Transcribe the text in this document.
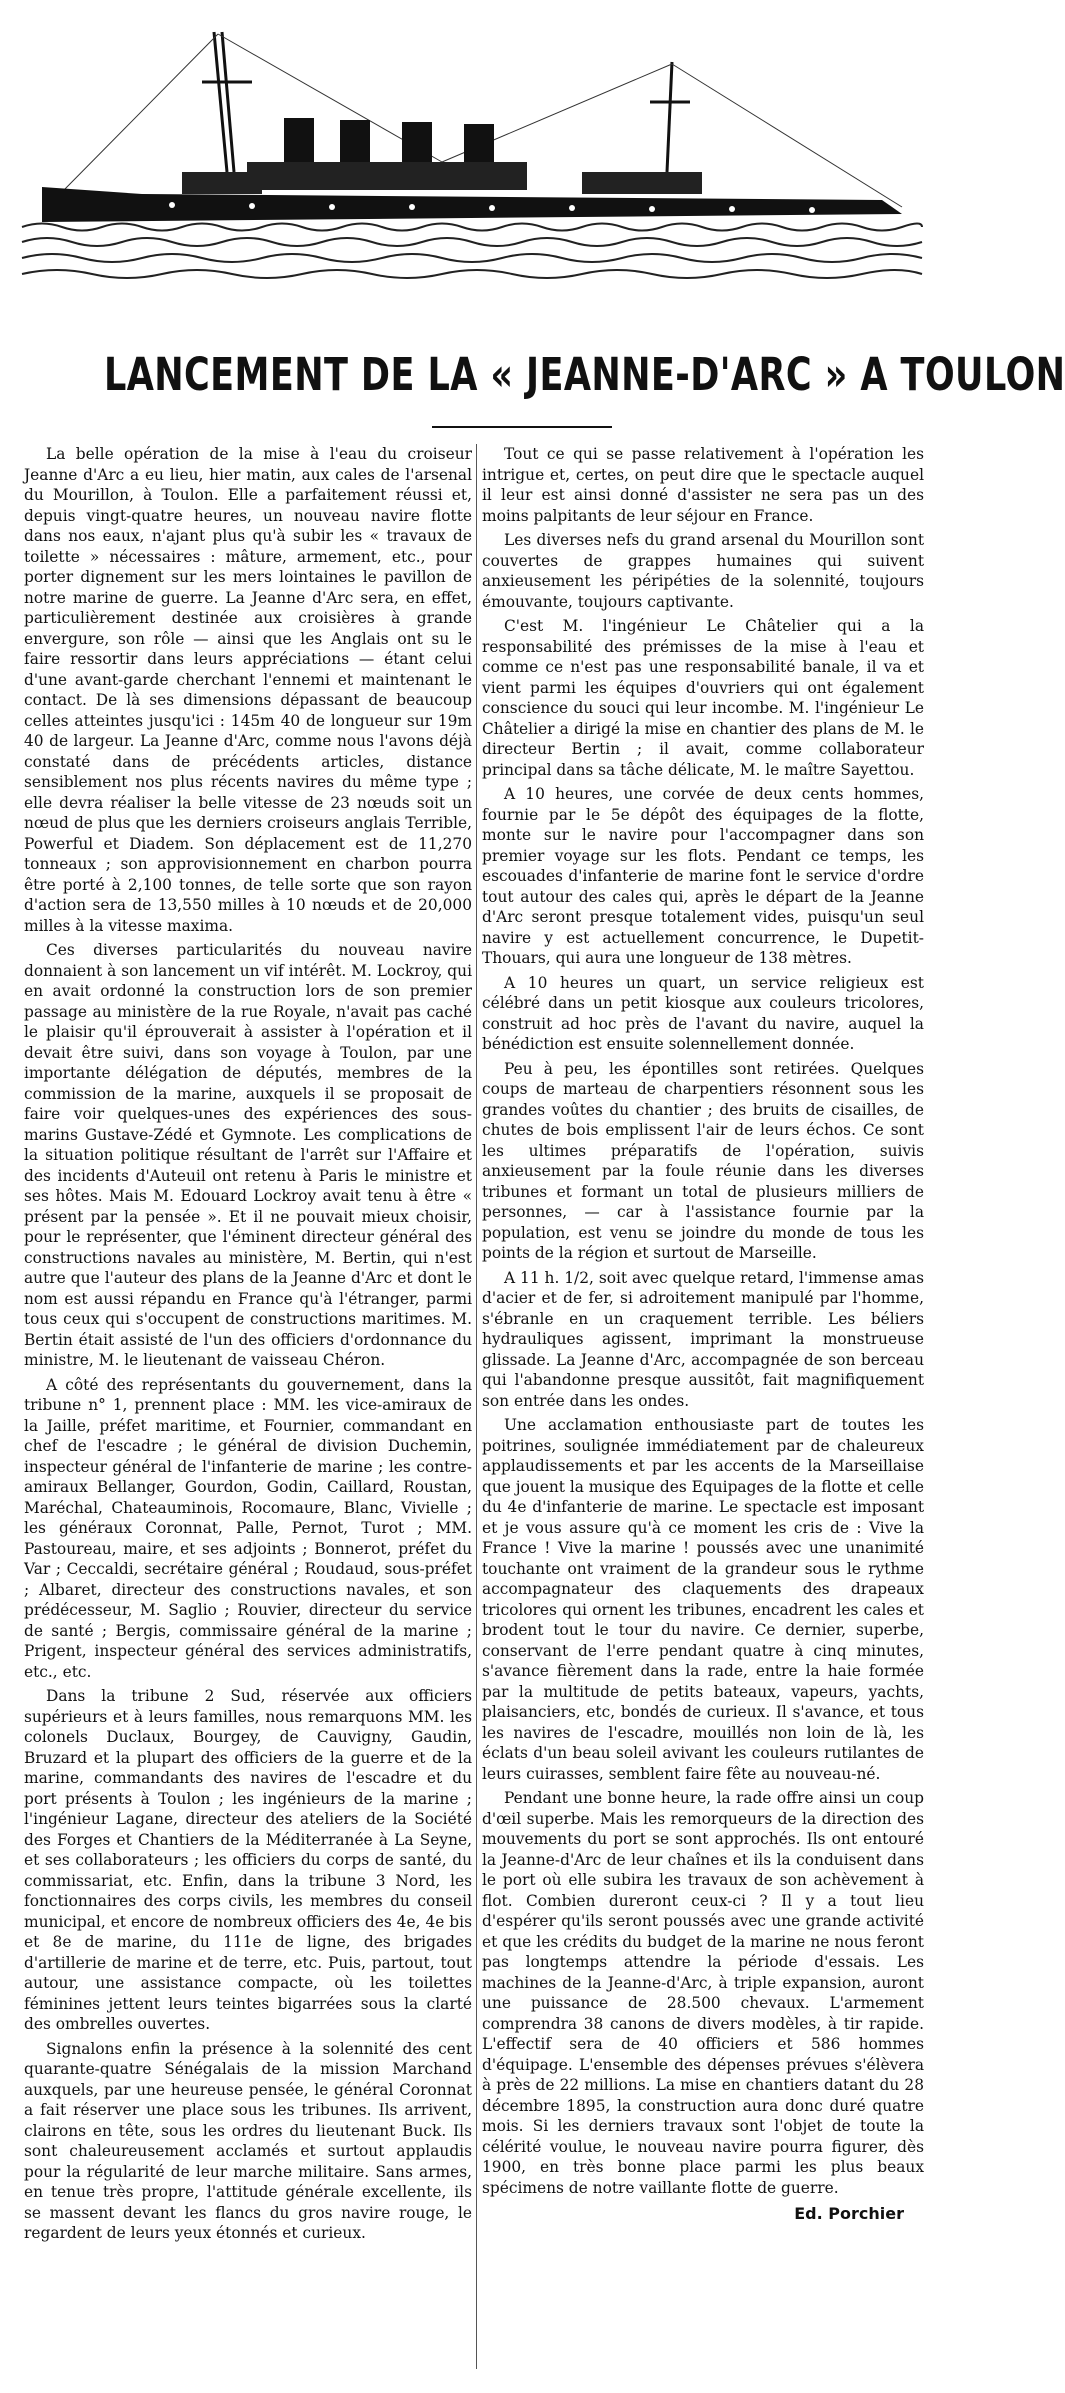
LANCEMENT DE LA « JEANNE-D'ARC » A TOULON

La belle opération de la mise à l'eau du croiseur Jeanne d'Arc a eu lieu, hier matin, aux cales de l'arsenal du Mourillon, à Toulon. Elle a parfaitement réussi et, depuis vingt-quatre heures, un nouveau navire flotte dans nos eaux, n'ajant plus qu'à subir les « travaux de toilette » nécessaires : mâture, armement, etc., pour porter dignement sur les mers lointaines le pavillon de notre marine de guerre. La Jeanne d'Arc sera, en effet, particulièrement destinée aux croisières à grande envergure, son rôle — ainsi que les Anglais ont su le faire ressortir dans leurs appréciations — étant celui d'une avant-garde cherchant l'ennemi et maintenant le contact. De là ses dimensions dépassant de beaucoup celles atteintes jusqu'ici : 145m 40 de longueur sur 19m 40 de largeur. La Jeanne d'Arc, comme nous l'avons déjà constaté dans de précédents articles, distance sensiblement nos plus récents navires du même type ; elle devra réaliser la belle vitesse de 23 nœuds soit un nœud de plus que les derniers croiseurs anglais Terrible, Powerful et Diadem. Son déplacement est de 11,270 tonneaux ; son approvisionnement en charbon pourra être porté à 2,100 tonnes, de telle sorte que son rayon d'action sera de 13,550 milles à 10 nœuds et de 20,000 milles à la vitesse maxima.

Ces diverses particularités du nouveau navire donnaient à son lancement un vif intérêt. M. Lockroy, qui en avait ordonné la construction lors de son premier passage au ministère de la rue Royale, n'avait pas caché le plaisir qu'il éprouverait à assister à l'opération et il devait être suivi, dans son voyage à Toulon, par une importante délégation de députés, membres de la commission de la marine, auxquels il se proposait de faire voir quelques-unes des expériences des sous-marins Gustave-Zédé et Gymnote. Les complications de la situation politique résultant de l'arrêt sur l'Affaire et des incidents d'Auteuil ont retenu à Paris le ministre et ses hôtes. Mais M. Edouard Lockroy avait tenu à être « présent par la pensée ». Et il ne pouvait mieux choisir, pour le représenter, que l'éminent directeur général des constructions navales au ministère, M. Bertin, qui n'est autre que l'auteur des plans de la Jeanne d'Arc et dont le nom est aussi répandu en France qu'à l'étranger, parmi tous ceux qui s'occupent de constructions maritimes. M. Bertin était assisté de l'un des officiers d'ordonnance du ministre, M. le lieutenant de vaisseau Chéron.

A côté des représentants du gouvernement, dans la tribune n° 1, prennent place : MM. les vice-amiraux de la Jaille, préfet maritime, et Fournier, commandant en chef de l'escadre ; le général de division Duchemin, inspecteur général de l'infanterie de marine ; les contre-amiraux Bellanger, Gourdon, Godin, Caillard, Roustan, Maréchal, Chateauminois, Rocomaure, Blanc, Vivielle ; les généraux Coronnat, Palle, Pernot, Turot ; MM. Pastoureau, maire, et ses adjoints ; Bonnerot, préfet du Var ; Ceccaldi, secrétaire général ; Roudaud, sous-préfet ; Albaret, directeur des constructions navales, et son prédécesseur, M. Saglio ; Rouvier, directeur du service de santé ; Bergis, commissaire général de la marine ; Prigent, inspecteur général des services administratifs, etc., etc.

Dans la tribune 2 Sud, réservée aux officiers supérieurs et à leurs familles, nous remarquons MM. les colonels Duclaux, Bourgey, de Cauvigny, Gaudin, Bruzard et la plupart des officiers de la guerre et de la marine, commandants des navires de l'escadre et du port présents à Toulon ; les ingénieurs de la marine ; l'ingénieur Lagane, directeur des ateliers de la Société des Forges et Chantiers de la Méditerranée à La Seyne, et ses collaborateurs ; les officiers du corps de santé, du commissariat, etc. Enfin, dans la tribune 3 Nord, les fonctionnaires des corps civils, les membres du conseil municipal, et encore de nombreux officiers des 4e, 4e bis et 8e de marine, du 111e de ligne, des brigades d'artillerie de marine et de terre, etc. Puis, partout, tout autour, une assistance compacte, où les toilettes féminines jettent leurs teintes bigarrées sous la clarté des ombrelles ouvertes.

Signalons enfin la présence à la solennité des cent quarante-quatre Sénégalais de la mission Marchand auxquels, par une heureuse pensée, le général Coronnat a fait réserver une place sous les tribunes. Ils arrivent, clairons en tête, sous les ordres du lieutenant Buck. Ils sont chaleureusement acclamés et surtout applaudis pour la régularité de leur marche militaire. Sans armes, en tenue très propre, l'attitude générale excellente, ils se massent devant les flancs du gros navire rouge, le regardent de leurs yeux étonnés et curieux.

Tout ce qui se passe relativement à l'opération les intrigue et, certes, on peut dire que le spectacle auquel il leur est ainsi donné d'assister ne sera pas un des moins palpitants de leur séjour en France.

Les diverses nefs du grand arsenal du Mourillon sont couvertes de grappes humaines qui suivent anxieusement les péripéties de la solennité, toujours émouvante, toujours captivante.

C'est M. l'ingénieur Le Châtelier qui a la responsabilité des prémisses de la mise à l'eau et comme ce n'est pas une responsabilité banale, il va et vient parmi les équipes d'ouvriers qui ont également conscience du souci qui leur incombe. M. l'ingénieur Le Châtelier a dirigé la mise en chantier des plans de M. le directeur Bertin ; il avait, comme collaborateur principal dans sa tâche délicate, M. le maître Sayettou.

A 10 heures, une corvée de deux cents hommes, fournie par le 5e dépôt des équipages de la flotte, monte sur le navire pour l'accompagner dans son premier voyage sur les flots. Pendant ce temps, les escouades d'infanterie de marine font le service d'ordre tout autour des cales qui, après le départ de la Jeanne d'Arc seront presque totalement vides, puisqu'un seul navire y est actuellement concurrence, le Dupetit-Thouars, qui aura une longueur de 138 mètres.

A 10 heures un quart, un service religieux est célébré dans un petit kiosque aux couleurs tricolores, construit ad hoc près de l'avant du navire, auquel la bénédiction est ensuite solennellement donnée.

Peu à peu, les épontilles sont retirées. Quelques coups de marteau de charpentiers résonnent sous les grandes voûtes du chantier ; des bruits de cisailles, de chutes de bois emplissent l'air de leurs échos. Ce sont les ultimes préparatifs de l'opération, suivis anxieusement par la foule réunie dans les diverses tribunes et formant un total de plusieurs milliers de personnes, — car à l'assistance fournie par la population, est venu se joindre du monde de tous les points de la région et surtout de Marseille.

A 11 h. 1/2, soit avec quelque retard, l'immense amas d'acier et de fer, si adroitement manipulé par l'homme, s'ébranle en un craquement terrible. Les béliers hydrauliques agissent, imprimant la monstrueuse glissade. La Jeanne d'Arc, accompagnée de son berceau qui l'abandonne presque aussitôt, fait magnifiquement son entrée dans les ondes.

Une acclamation enthousiaste part de toutes les poitrines, soulignée immédiatement par de chaleureux applaudissements et par les accents de la Marseillaise que jouent la musique des Equipages de la flotte et celle du 4e d'infanterie de marine. Le spectacle est imposant et je vous assure qu'à ce moment les cris de : Vive la France ! Vive la marine ! poussés avec une unanimité touchante ont vraiment de la grandeur sous le rythme accompagnateur des claquements des drapeaux tricolores qui ornent les tribunes, encadrent les cales et brodent tout le tour du navire. Ce dernier, superbe, conservant de l'erre pendant quatre à cinq minutes, s'avance fièrement dans la rade, entre la haie formée par la multitude de petits bateaux, vapeurs, yachts, plaisanciers, etc, bondés de curieux. Il s'avance, et tous les navires de l'escadre, mouillés non loin de là, les éclats d'un beau soleil avivant les couleurs rutilantes de leurs cuirasses, semblent faire fête au nouveau-né.

Pendant une bonne heure, la rade offre ainsi un coup d'œil superbe. Mais les remorqueurs de la direction des mouvements du port se sont approchés. Ils ont entouré la Jeanne-d'Arc de leur chaînes et ils la conduisent dans le port où elle subira les travaux de son achèvement à flot. Combien dureront ceux-ci ? Il y a tout lieu d'espérer qu'ils seront poussés avec une grande activité et que les crédits du budget de la marine ne nous feront pas longtemps attendre la période d'essais. Les machines de la Jeanne-d'Arc, à triple expansion, auront une puissance de 28.500 chevaux. L'armement comprendra 38 canons de divers modèles, à tir rapide. L'effectif sera de 40 officiers et 586 hommes d'équipage. L'ensemble des dépenses prévues s'élèvera à près de 22 millions. La mise en chantiers datant du 28 décembre 1895, la construction aura donc duré quatre mois. Si les derniers travaux sont l'objet de toute la célérité voulue, le nouveau navire pourra figurer, dès 1900, en très bonne place parmi les plus beaux spécimens de notre vaillante flotte de guerre.

Ed. Porchier
